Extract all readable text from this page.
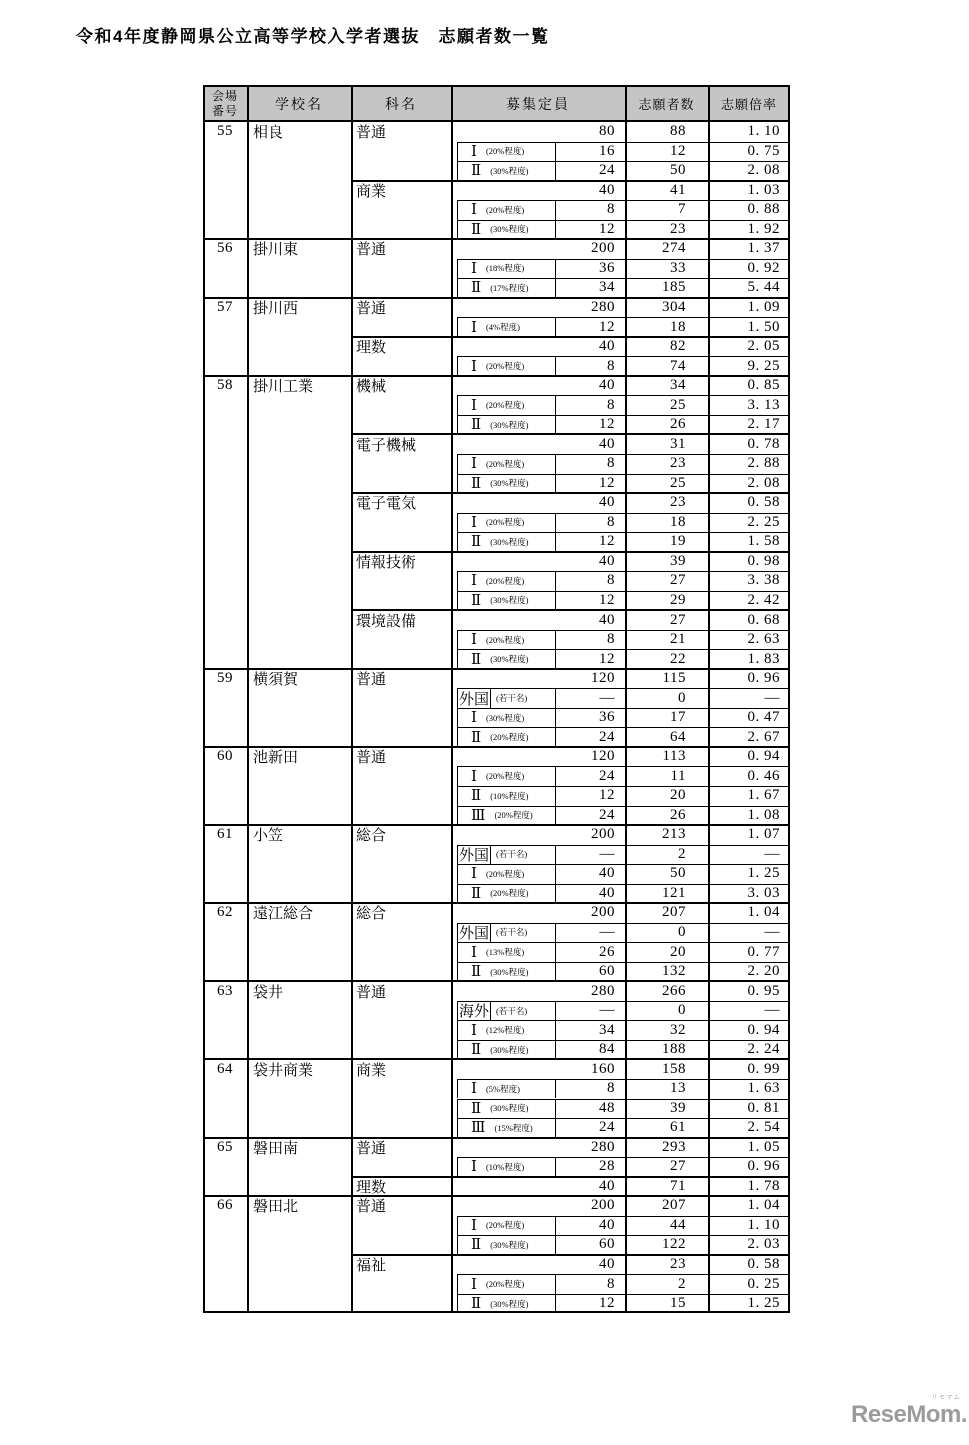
令和4年度静岡県公立高等学校入学者選抜　志願者数一覧
会場番号	学校名	科名	募集定員	志願者数 志願倍率
55	相良	普通	80	88	1. 10
Ⅰ (20%程度)	16	12	0. 75
Ⅱ (30%程度)	24	50	2. 08
商業	40	41	1. 03
Ⅰ (20%程度)	8	7	0. 88
Ⅱ (30%程度)	12	23	1. 92
56	掛川東	普通	200	274	1. 37
Ⅰ (18%程度)	36	33	0. 92
Ⅱ (17%程度)	34	185	5. 44
57	掛川西	普通	280	304	1. 09
Ⅰ (4%程度)	12	18	1. 50
理数	40	82	2. 05
Ⅰ (20%程度)	8	74	9. 25
58	掛川工業	機械	40	34	0. 85
Ⅰ (20%程度)	8	25	3. 13
Ⅱ (30%程度)	12	26	2. 17
電子機械	40	31	0. 78
Ⅰ (20%程度)	8	23	2. 88
Ⅱ (30%程度)	12	25	2. 08
電子電気	40	23	0. 58
Ⅰ (20%程度)	8	18	2. 25
Ⅱ (30%程度)	12	19	1. 58
情報技術	40	39	0. 98
Ⅰ (20%程度)	8	27	3. 38
Ⅱ (30%程度)	12	29	2. 42
環境設備	40	27	0. 68
Ⅰ (20%程度)	8	21	2. 63
Ⅱ (30%程度)	12	22	1. 83
59	横須賀	普通	120	115	0. 96
外国 (若干名)	—	0	—
Ⅰ (30%程度)	36	17	0. 47
Ⅱ (20%程度)	24	64	2. 67
60	池新田	普通	120	113	0. 94
Ⅰ (20%程度)	24	11	0. 46
Ⅱ (10%程度)	12	20	1. 67
Ⅲ (20%程度)	24	26	1. 08
61	小笠	総合	200	213	1. 07
外国 (若干名)	—	2	—
Ⅰ (20%程度)	40	50	1. 25
Ⅱ (20%程度)	40	121	3. 03
62	遠江総合	総合	200	207	1. 04
外国 (若干名)	—	0	—
Ⅰ (13%程度)	26	20	0. 77
Ⅱ (30%程度)	60	132	2. 20
63	袋井	普通	280	266	0. 95
海外 (若干名)	—	0	—
Ⅰ (12%程度)	34	32	0. 94
Ⅱ (30%程度)	84	188	2. 24
64	袋井商業	商業	160	158	0. 99
Ⅰ (5%程度)	8	13	1. 63
Ⅱ (30%程度)	48	39	0. 81
Ⅲ (15%程度)	24	61	2. 54
65	磐田南	普通	280	293	1. 05
Ⅰ (10%程度)	28	27	0. 96
理数	40	71	1. 78
66	磐田北	普通	200	207	1. 04
Ⅰ (20%程度)	40	44	1. 10
Ⅱ (30%程度)	60	122	2. 03
福祉	40	23	0. 58
Ⅰ (20%程度)	8	2	0. 25
Ⅱ (30%程度)	12	15	1. 25
リセマム
ReseMom.
